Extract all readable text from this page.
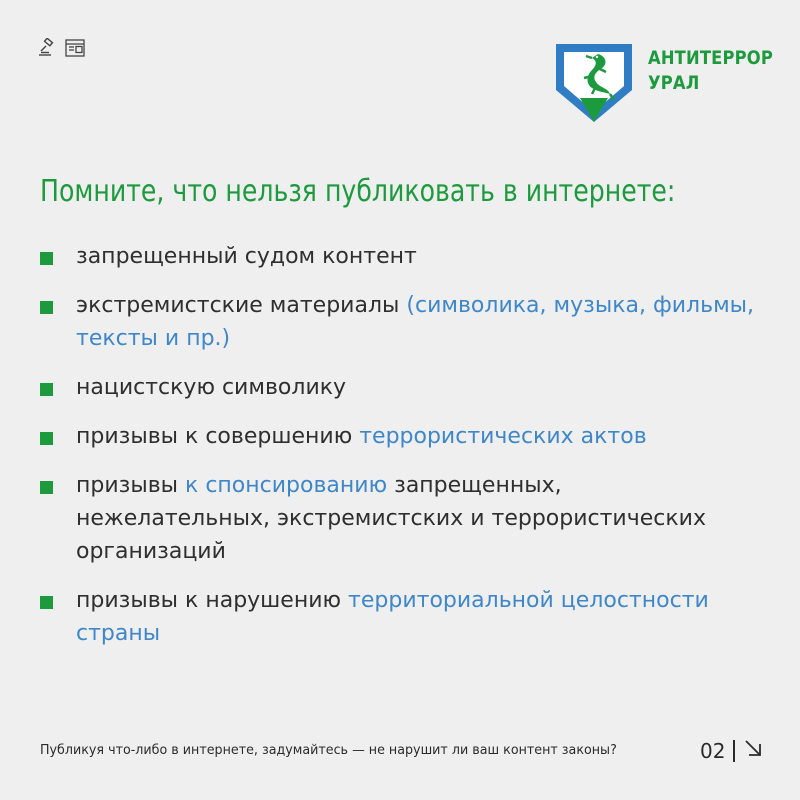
АНТИТЕРРОР
УРАЛ
Помните, что нельзя публиковать в интернете:
запрещенный судом контент
экстремистские материалы (символика, музыка, фильмы, тексты и пр.)
нацистскую символику
призывы к совершению террористических актов
призывы к спонсированию запрещенных, нежелательных, экстремистских и террористических организаций
призывы к нарушению территориальной целостности страны
Публикуя что-либо в интернете, задумайтесь — не нарушит ли ваш контент законы?	02
